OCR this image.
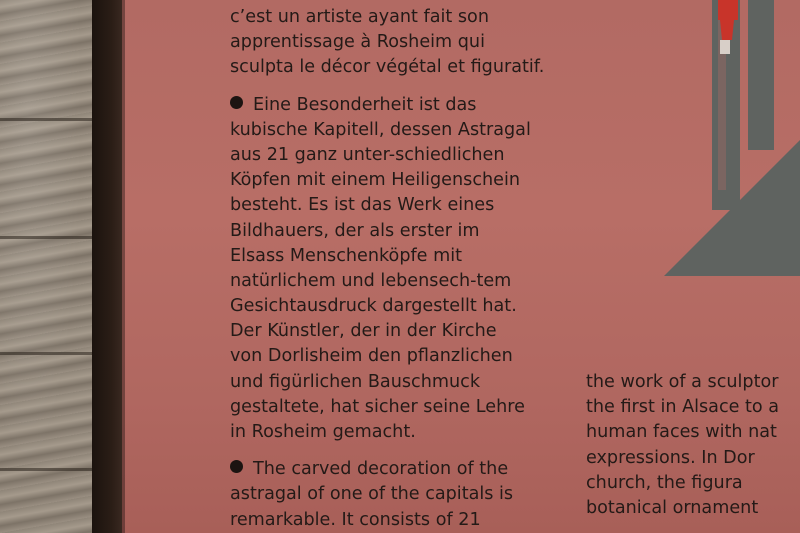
c’est un artiste ayant fait son
apprentissage à Rosheim qui
sculpta le décor végétal et figuratif.
Eine Besonderheit ist das
kubische Kapitell, dessen Astragal
aus 21 ganz unter-schiedlichen
Köpfen mit einem Heiligenschein
besteht. Es ist das Werk eines
Bildhauers, der als erster im
Elsass Menschenköpfe mit
natürlichem und lebensech-tem
Gesichtausdruck dargestellt hat.
Der Künstler, der in der Kirche
von Dorlisheim den pflanzlichen
und figürlichen Bauschmuck
gestaltete, hat sicher seine Lehre
in Rosheim gemacht.
The carved decoration of the
astragal of one of the capitals is
remarkable. It consists of 21
the work of a sculptor
the first in Alsace to a
human faces with nat
expressions. In Dor
church, the figura
botanical ornament
